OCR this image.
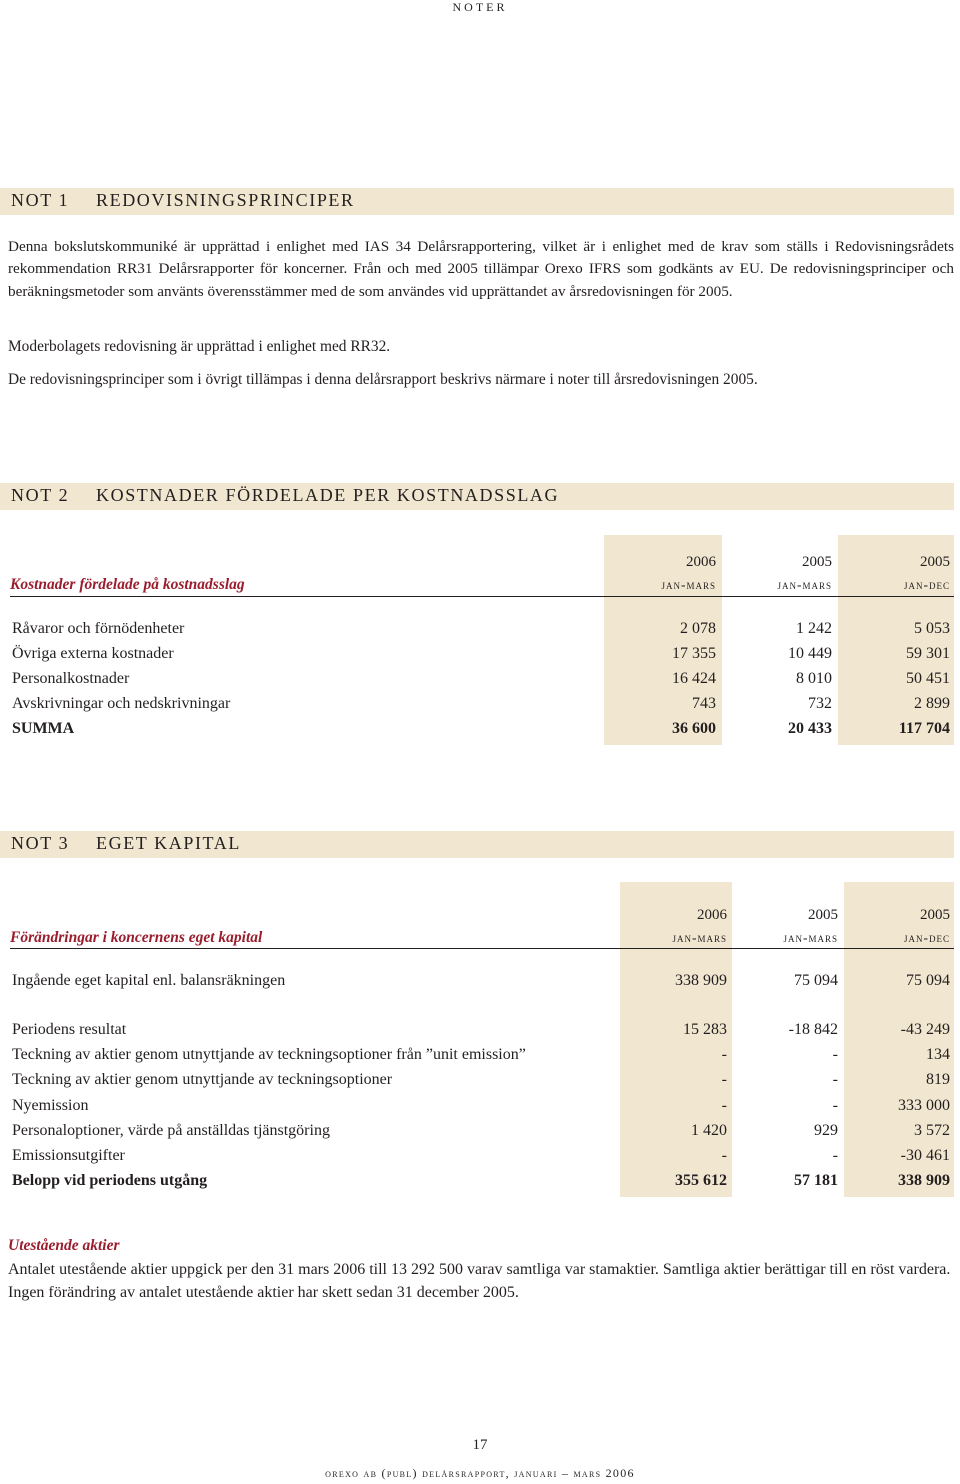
noter
NOT 1 REDOVISNINGSPRINCIPER
Denna bokslutskommuniké är upprättad i enlighet med IAS 34 Delårsrapportering, vilket är i enlighet med de krav som ställs i Redovisningsrådets rekommendation RR31 Delårsrapporter för koncerner. Från och med 2005 tillämpar Orexo IFRS som godkänts av EU. De redovisningsprinciper och beräkningsmetoder som använts överensstämmer med de som användes vid upprättandet av årsredovisningen för 2005.
Moderbolagets redovisning är upprättad i enlighet med RR32.
De redovisningsprinciper som i övrigt tillämpas i denna delårsrapport beskrivs närmare i noter till årsredovisningen 2005.
NOT 2 KOSTNADER FÖRDELADE PER KOSTNADSSLAG
2006	2005	2005
Kostnader fördelade på kostnadsslag	jan-mars	jan-mars	jan-dec
Råvaror och förnödenheter	2 078	1 242	5 053
Övriga externa kostnader	17 355	10 449	59 301
Personalkostnader	16 424	8 010	50 451
Avskrivningar och nedskrivningar	743	732	2 899
SUMMA	36 600	20 433	117 704
NOT 3 EGET KAPITAL
2006	2005	2005
Förändringar i koncernens eget kapital	jan-mars	jan-mars	jan-dec
Ingående eget kapital enl. balansräkningen	338 909	75 094	75 094
Periodens resultat	15 283	-18 842	-43 249
Teckning av aktier genom utnyttjande av teckningsoptioner från ”unit emission”	-	-	134
Teckning av aktier genom utnyttjande av teckningsoptioner	-	-	819
Nyemission	-	-	333 000
Personaloptioner, värde på anställdas tjänstgöring	1 420	929	3 572
Emissionsutgifter	-	-	-30 461
Belopp vid periodens utgång	355 612	57 181	338 909
Utestående aktier
Antalet utestående aktier uppgick per den 31 mars 2006 till 13 292 500 varav samtliga var stamaktier. Samtliga aktier berättigar till en röst vardera. Ingen förändring av antalet utestående aktier har skett sedan 31 december 2005.
17
orexo ab (publ) delårsrapport, januari – mars 2006
